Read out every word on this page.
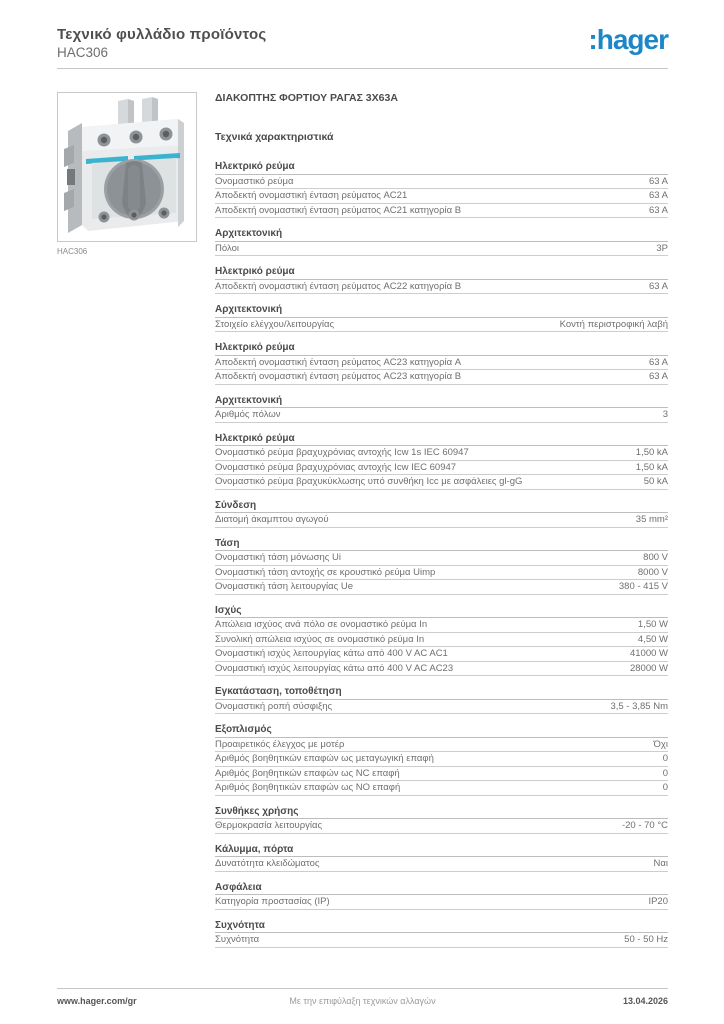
Τεχνικό φυλλάδιο προϊόντος
HAC306	:hager
HAC306
ΔΙΑΚΟΠΤΗΣ ΦΟΡΤΙΟΥ ΡΑΓΑΣ 3X63A
Τεχνικά χαρακτηριστικά
Ηλεκτρικό ρεύμα
Ονομαστικό ρεύμα	63 A
Αποδεκτή ονομαστική ένταση ρεύματος AC21	63 A
Αποδεκτή ονομαστική ένταση ρεύματος AC21 κατηγορία B	63 A
Αρχιτεκτονική
Πόλοι	3P
Ηλεκτρικό ρεύμα
Αποδεκτή ονομαστική ένταση ρεύματος AC22 κατηγορία B	63 A
Αρχιτεκτονική
Στοιχείο ελέγχου/λειτουργίας	Κοντή περιστροφική λαβή
Ηλεκτρικό ρεύμα
Αποδεκτή ονομαστική ένταση ρεύματος AC23 κατηγορία A	63 A
Αποδεκτή ονομαστική ένταση ρεύματος AC23 κατηγορία B	63 A
Αρχιτεκτονική
Αριθμός πόλων	3
Ηλεκτρικό ρεύμα
Ονομαστικό ρεύμα βραχυχρόνιας αντοχής Icw 1s IEC 60947	1,50 kA
Ονομαστικό ρεύμα βραχυχρόνιας αντοχής Icw IEC 60947	1,50 kA
Ονομαστικό ρεύμα βραχυκύκλωσης υπό συνθήκη Icc με ασφάλειες gl-gG	50 kA
Σύνδεση
Διατομή άκαμπτου αγωγού	35 mm²
Τάση
Ονομαστική τάση μόνωσης Ui	800 V
Ονομαστική τάση αντοχής σε κρουστικό ρεύμα Uimp	8000 V
Ονομαστική τάση λειτουργίας Ue	380 - 415 V
Ισχύς
Απώλεια ισχύος ανά πόλο σε ονομαστικό ρεύμα In	1,50 W
Συνολική απώλεια ισχύος σε ονομαστικό ρεύμα In	4,50 W
Ονομαστική ισχύς λειτουργίας κάτω από 400 V AC AC1	41000 W
Ονομαστική ισχύς λειτουργίας κάτω από 400 V AC AC23	28000 W
Εγκατάσταση, τοποθέτηση
Ονομαστική ροπή σύσφιξης	3,5 - 3,85 Nm
Εξοπλισμός
Προαιρετικός έλεγχος με μοτέρ	Όχι
Αριθμός βοηθητικών επαφών ως μεταγωγική επαφή	0
Αριθμός βοηθητικών επαφών ως NC επαφή	0
Αριθμός βοηθητικών επαφών ως NO επαφή	0
Συνθήκες χρήσης
Θερμοκρασία λειτουργίας	-20 - 70 °C
Κάλυμμα, πόρτα
Δυνατότητα κλειδώματος	Ναι
Ασφάλεια
Κατηγορία προστασίας (IP)	IP20
Συχνότητα
Συχνότητα	50 - 50 Hz
www.hager.com/gr	Με την επιφύλαξη τεχνικών αλλαγών	13.04.2026
